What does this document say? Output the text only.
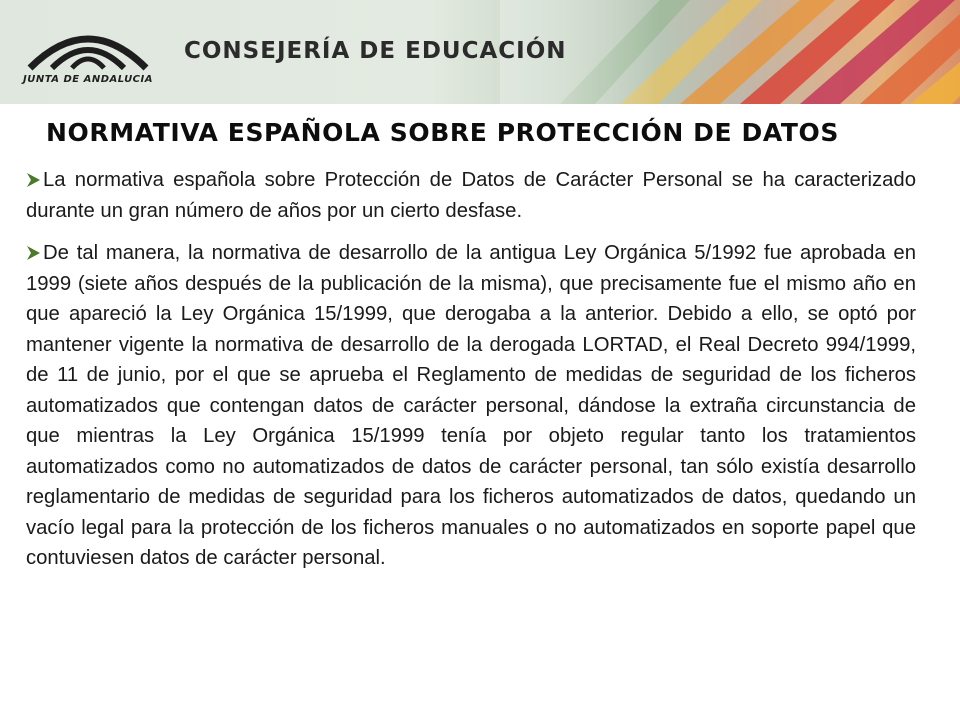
JUNTA DE ANDALUCIA
CONSEJERÍA DE EDUCACIÓN
NORMATIVA ESPAÑOLA SOBRE PROTECCIÓN DE DATOS

La normativa española sobre Protección de Datos de Carácter Personal se ha caracterizado durante un gran número de años por un cierto desfase.

De tal manera, la normativa de desarrollo de la antigua Ley Orgánica 5/1992 fue aprobada en 1999 (siete años después de la publicación de la misma), que precisamente fue el mismo año en que apareció la Ley Orgánica 15/1999, que derogaba a la anterior. Debido a ello, se optó por mantener vigente la normativa de desarrollo de la derogada LORTAD, el Real Decreto 994/1999, de 11 de junio, por el que se aprueba el Reglamento de medidas de seguridad de los ficheros automatizados que contengan datos de carácter personal, dándose la extraña circunstancia de que mientras la Ley Orgánica 15/1999 tenía por objeto regular tanto los tratamientos automatizados como no automatizados de datos de carácter personal, tan sólo existía desarrollo reglamentario de medidas de seguridad para los ficheros automatizados de datos, quedando un vacío legal para la protección de los ficheros manuales o no automatizados en soporte papel que contuviesen datos de carácter personal.
